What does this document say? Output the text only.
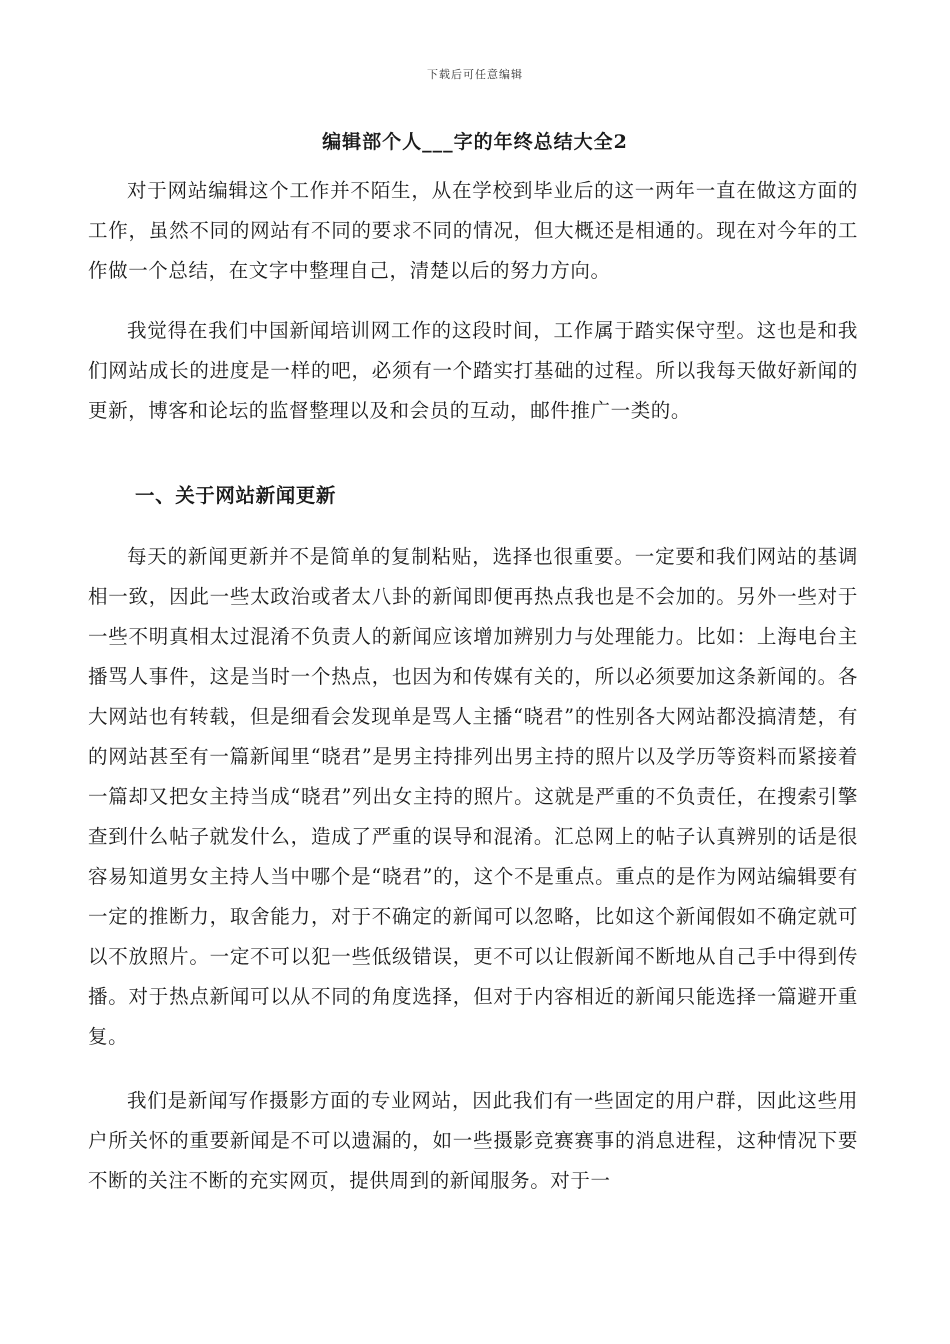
下载后可任意编辑
编辑部个人___字的年终总结大全2

对于网站编辑这个工作并不陌生，从在学校到毕业后的这一两年一直在做这方面的工作，虽然不同的网站有不同的要求不同的情况，但大概还是相通的。现在对今年的工作做一个总结，在文字中整理自己，清楚以后的努力方向。

我觉得在我们中国新闻培训网工作的这段时间，工作属于踏实保守型。这也是和我们网站成长的进度是一样的吧，必须有一个踏实打基础的过程。所以我每天做好新闻的更新，博客和论坛的监督整理以及和会员的互动，邮件推广一类的。

一、关于网站新闻更新

每天的新闻更新并不是简单的复制粘贴，选择也很重要。一定要和我们网站的基调相一致，因此一些太政治或者太八卦的新闻即便再热点我也是不会加的。另外一些对于一些不明真相太过混淆不负责人的新闻应该增加辨别力与处理能力。比如：上海电台主播骂人事件，这是当时一个热点，也因为和传媒有关的，所以必须要加这条新闻的。各大网站也有转载，但是细看会发现单是骂人主播“晓君”的性别各大网站都没搞清楚，有的网站甚至有一篇新闻里“晓君”是男主持排列出男主持的照片以及学历等资料而紧接着一篇却又把女主持当成“晓君”列出女主持的照片。这就是严重的不负责任，在搜索引擎查到什么帖子就发什么，造成了严重的误导和混淆。汇总网上的帖子认真辨别的话是很容易知道男女主持人当中哪个是“晓君”的，这个不是重点。重点的是作为网站编辑要有一定的推断力，取舍能力，对于不确定的新闻可以忽略，比如这个新闻假如不确定就可以不放照片。一定不可以犯一些低级错误，更不可以让假新闻不断地从自己手中得到传播。对于热点新闻可以从不同的角度选择，但对于内容相近的新闻只能选择一篇避开重复。

我们是新闻写作摄影方面的专业网站，因此我们有一些固定的用户群，因此这些用户所关怀的重要新闻是不可以遗漏的，如一些摄影竞赛赛事的消息进程，这种情况下要不断的关注不断的充实网页，提供周到的新闻服务。对于一
